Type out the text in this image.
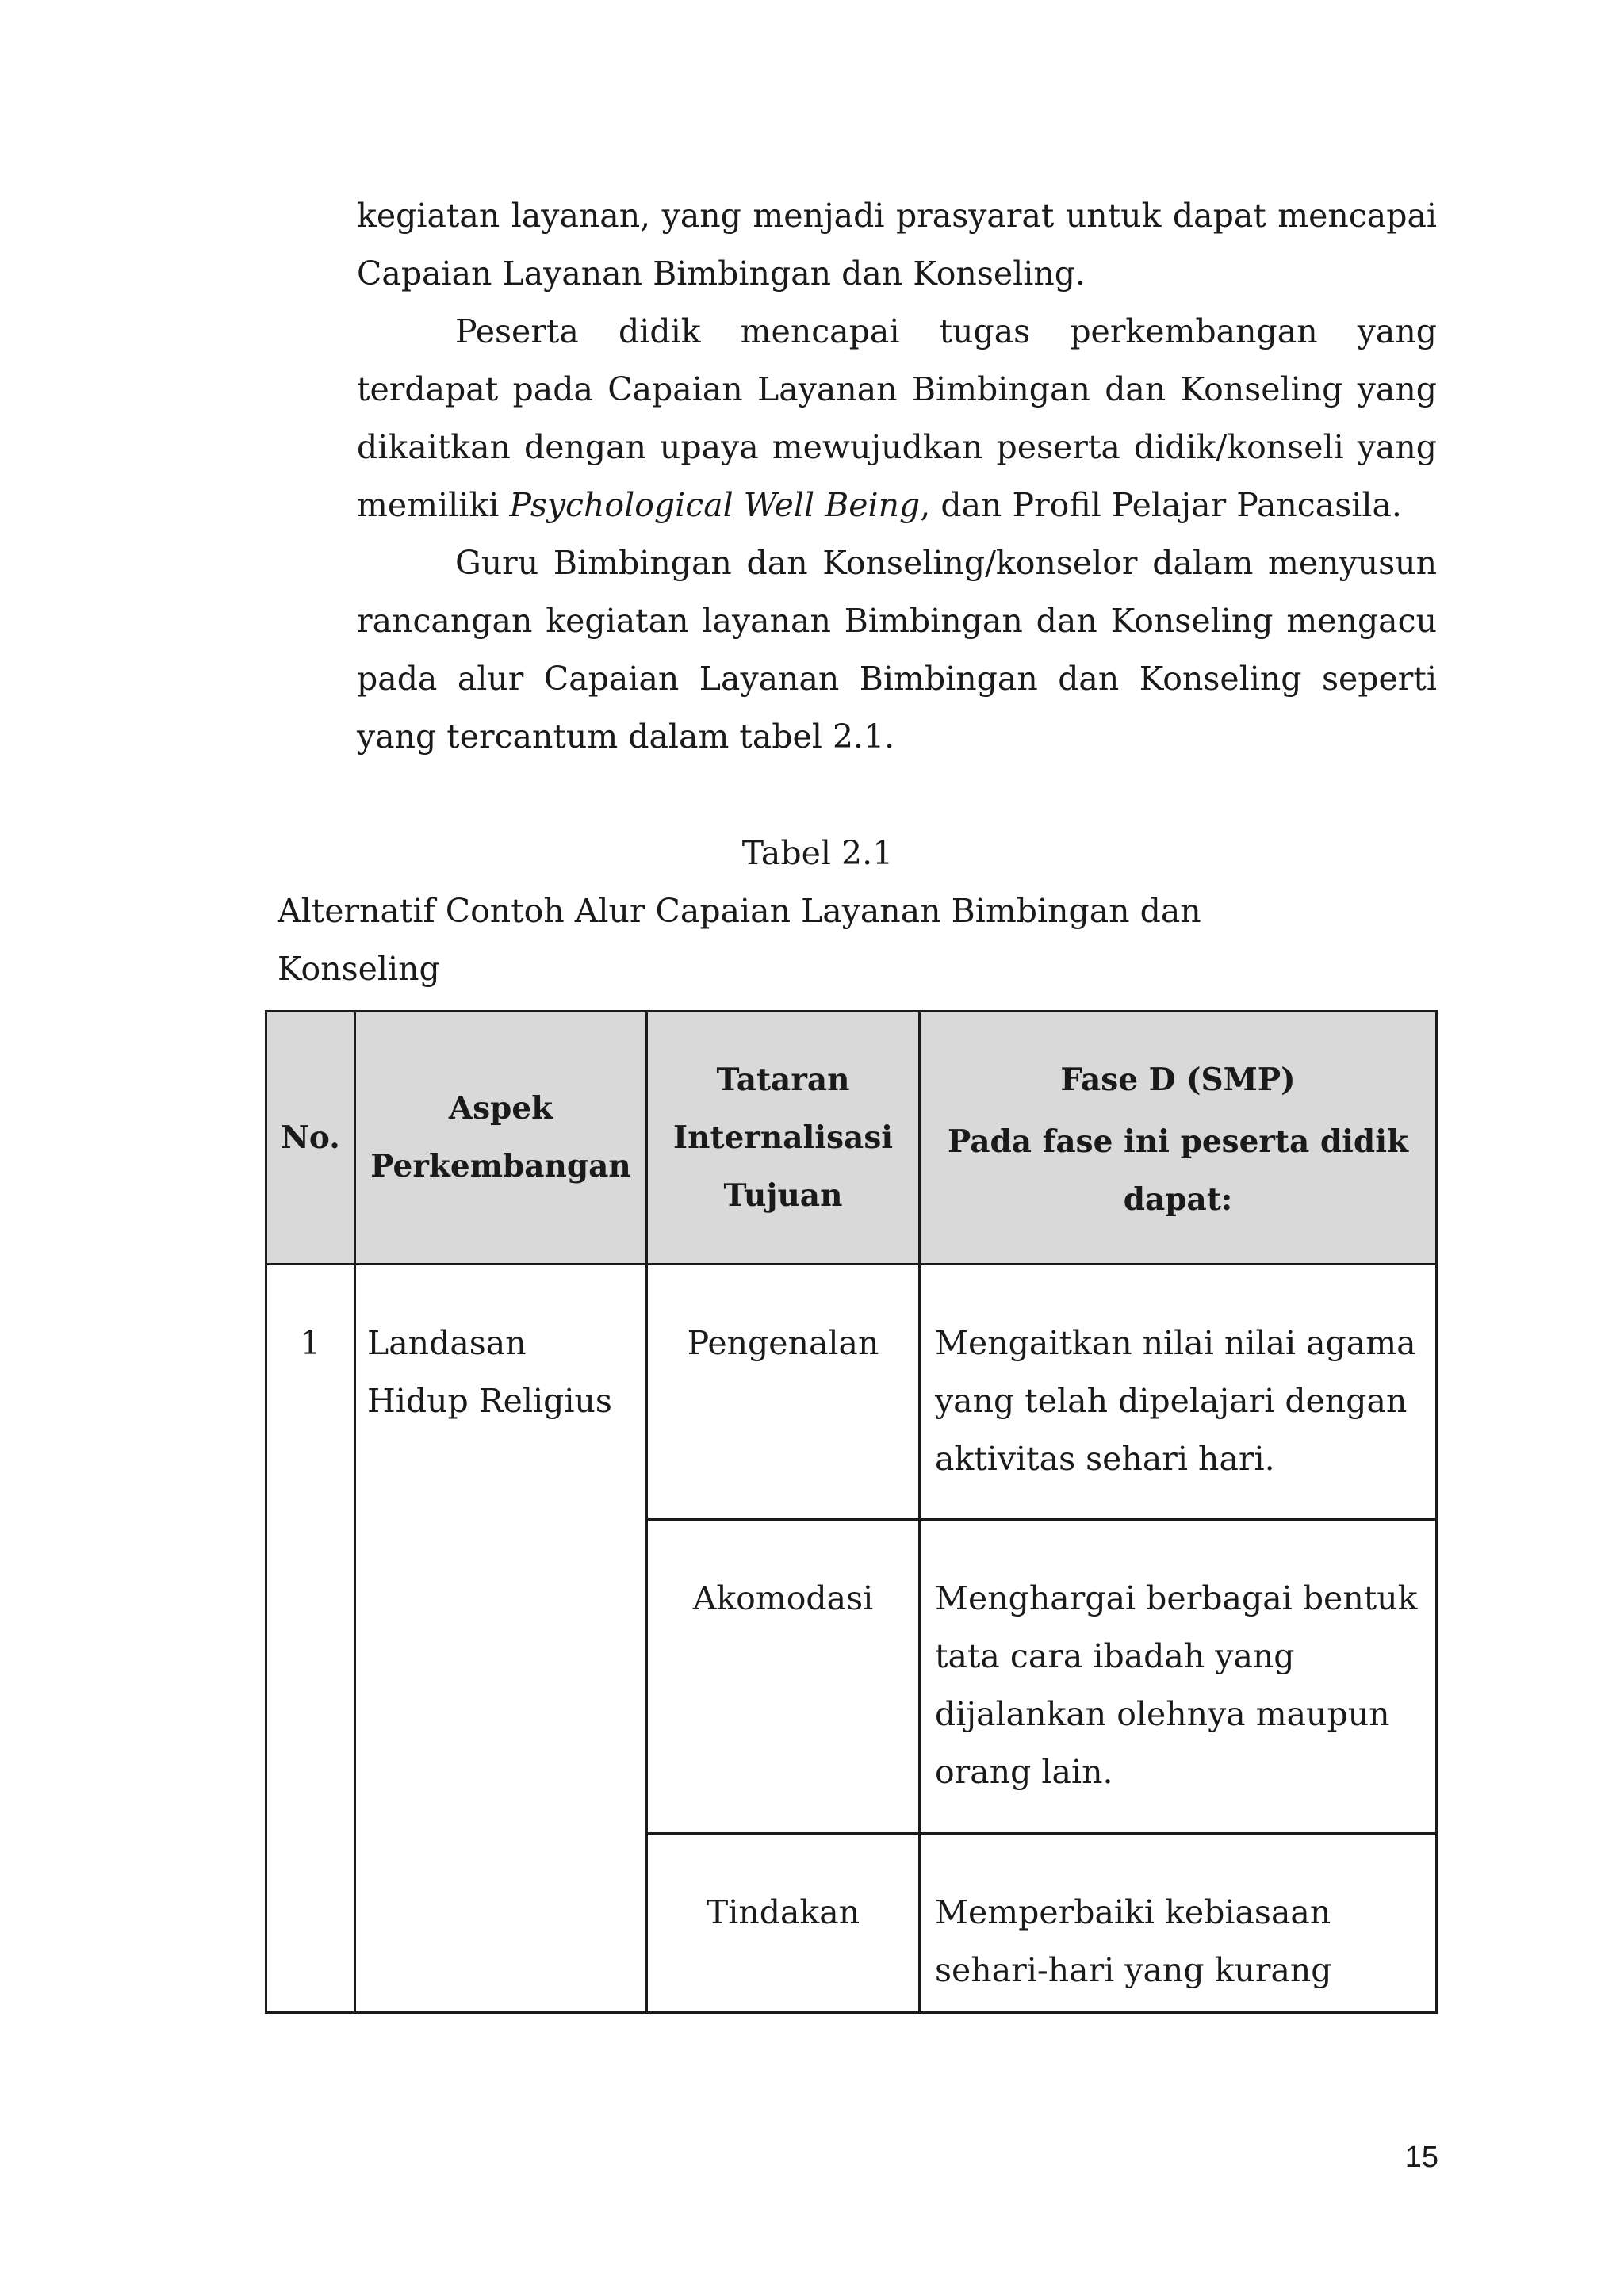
kegiatan layanan, yang menjadi prasyarat untuk dapat mencapai Capaian Layanan Bimbingan dan Konseling.

Peserta didik mencapai tugas perkembangan yang terdapat pada Capaian Layanan Bimbingan dan Konseling yang dikaitkan dengan upaya mewujudkan peserta didik/konseli yang memiliki Psychological Well Being, dan Profil Pelajar Pancasila.

Guru Bimbingan dan Konseling/konselor dalam menyusun rancangan kegiatan layanan Bimbingan dan Konseling mengacu pada alur Capaian Layanan Bimbingan dan Konseling seperti yang tercantum dalam tabel 2.1.

Tabel 2.1
Alternatif Contoh Alur Capaian Layanan Bimbingan dan Konseling
No.	Aspek Perkembangan	Tataran Internalisasi Tujuan	Fase D (SMP)
Pada fase ini peserta didik dapat:

1	Landasan Hidup Religius	Pengenalan	Mengaitkan nilai nilai agama yang telah dipelajari dengan aktivitas sehari hari.
		Akomodasi	Menghargai berbagai bentuk tata cara ibadah yang dijalankan olehnya maupun orang lain.
		Tindakan	Memperbaiki kebiasaan sehari-hari yang kurang
15
